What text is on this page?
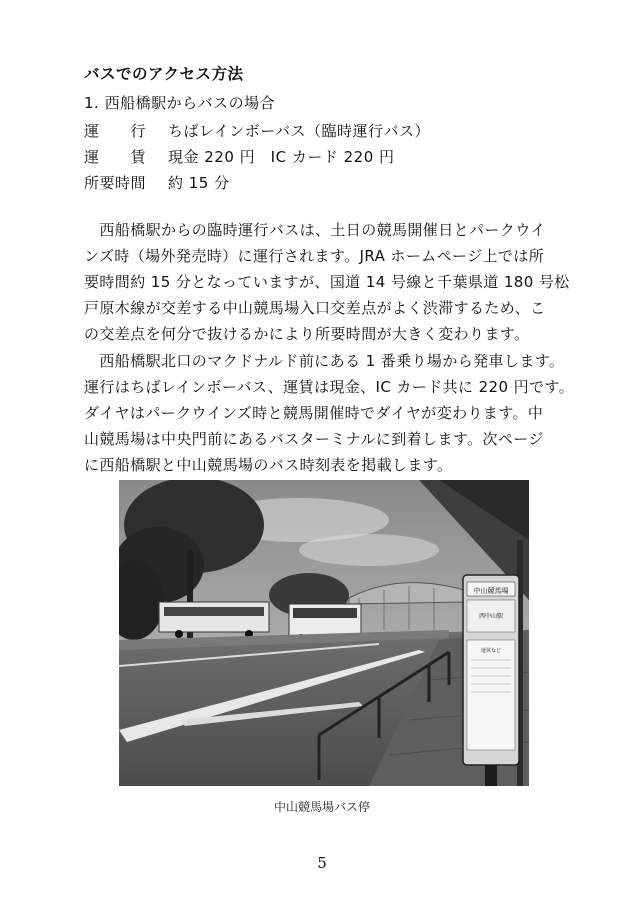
バスでのアクセス方法
1. 西船橋駅からバスの場合
運　　行 ちばレインボーバス（臨時運行バス）
運　　賃 現金 220 円　IC カード 220 円
所要時間 約 15 分
　西船橋駅からの臨時運行バスは、土日の競馬開催日とパークウイ
ンズ時（場外発売時）に運行されます。JRA ホームページ上では所
要時間約 15 分となっていますが、国道 14 号線と千葉県道 180 号松
戸原木線が交差する中山競馬場入口交差点がよく渋滞するため、こ
の交差点を何分で抜けるかにより所要時間が大きく変わります。
　西船橋駅北口のマクドナルド前にある 1 番乗り場から発車します。
運行はちばレインボーバス、運賃は現金、IC カード共に 220 円です。
ダイヤはパークウインズ時と競馬開催時でダイヤが変わります。中
山競馬場は中央門前にあるバスターミナルに到着します。次ページ
に西船橋駅と中山競馬場のバス時刻表を掲載します。
中山競馬場
西中山駅
運休など
中山競馬場バス停
5
